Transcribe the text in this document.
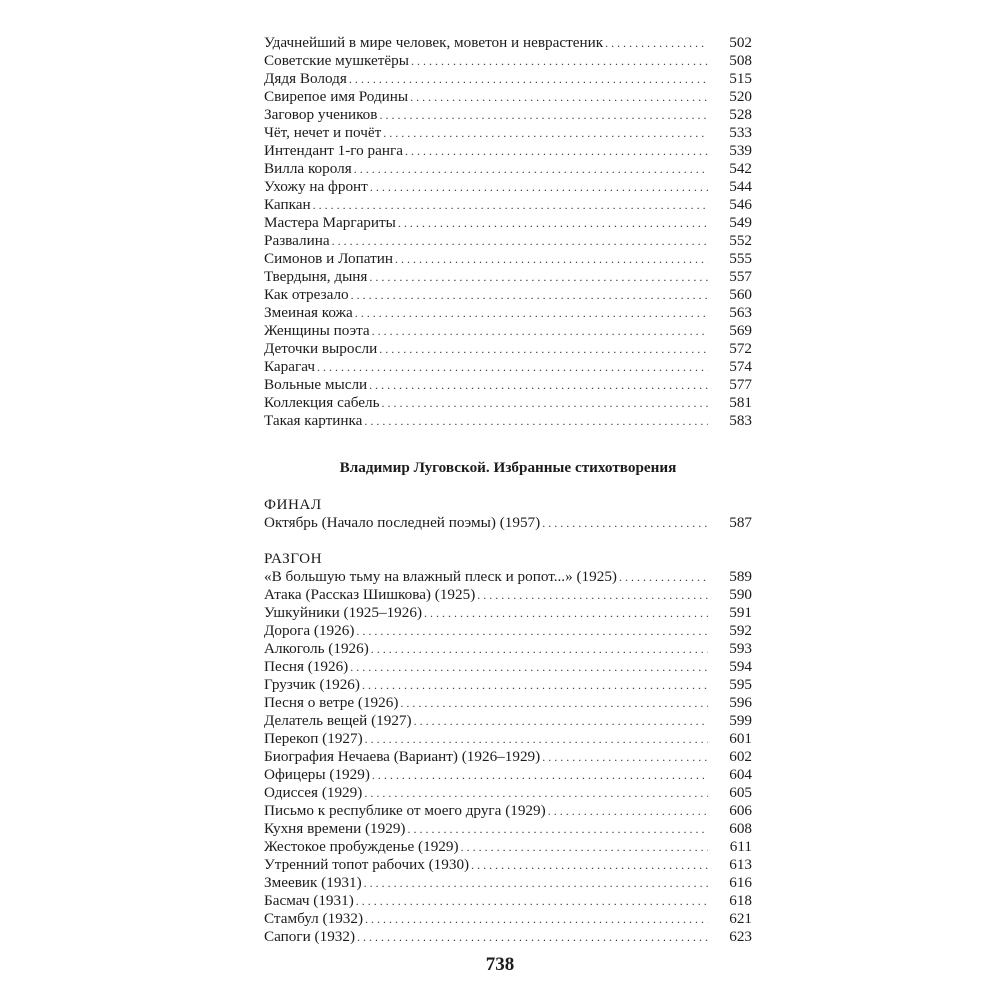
Удачнейший в мире человек, моветон и неврастеник . . .	502
Советские мушкетёры . . .	508
Дядя Володя . . .	515
Свирепое имя Родины . . .	520
Заговор учеников . . .	528
Чёт, нечет и почёт . . .	533
Интендант 1-го ранга . . .	539
Вилла короля . . .	542
Ухожу на фронт . . .	544
Капкан . . .	546
Мастера Маргариты . . .	549
Развалина . . .	552
Симонов и Лопатин . . .	555
Твердыня, дыня . . .	557
Как отрезало . . .	560
Змеиная кожа . . .	563
Женщины поэта . . .	569
Деточки выросли . . .	572
Карагач . . .	574
Вольные мысли . . .	577
Коллекция сабель . . .	581
Такая картинка . . .	583
Владимир Луговской. Избранные стихотворения
ФИНАЛ
Октябрь (Начало последней поэмы) (1957) . . .	587
РАЗГОН
«В большую тьму на влажный плеск и ропот...» (1925) . . .	589
Атака (Рассказ Шишкова) (1925) . . .	590
Ушкуйники (1925–1926) . . .	591
Дорога (1926) . . .	592
Алкоголь (1926) . . .	593
Песня (1926) . . .	594
Грузчик (1926) . . .	595
Песня о ветре (1926) . . .	596
Делатель вещей (1927) . . .	599
Перекоп (1927) . . .	601
Биография Нечаева (Вариант) (1926–1929) . . .	602
Офицеры (1929) . . .	604
Одиссея (1929) . . .	605
Письмо к республике от моего друга (1929) . . .	606
Кухня времени (1929) . . .	608
Жестокое пробужденье (1929) . . .	611
Утренний топот рабочих (1930) . . .	613
Змеевик (1931) . . .	616
Басмач (1931) . . .	618
Стамбул (1932) . . .	621
Сапоги (1932) . . .	623
738
